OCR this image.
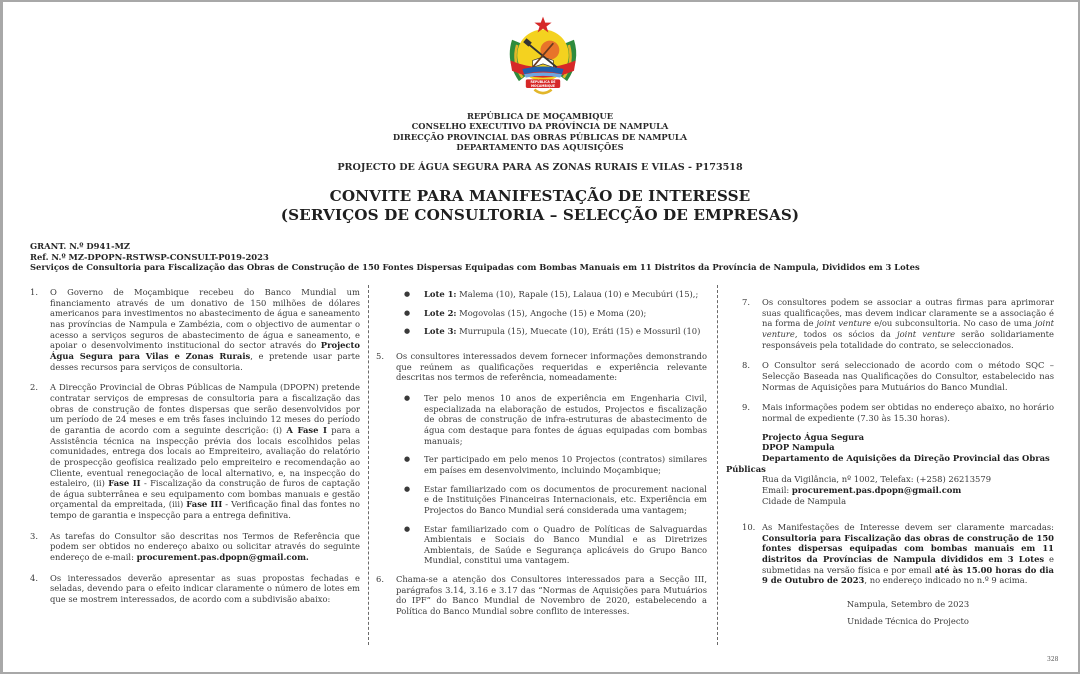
REPÚBLICA DE
MOÇAMBIQUE
REPÚBLICA DE MOÇAMBIQUE
CONSELHO EXECUTIVO DA PROVÍNCIA DE NAMPULA
DIRECÇÃO PROVINCIAL DAS OBRAS PÚBLICAS DE NAMPULA
DEPARTAMENTO DAS AQUISIÇÕES
PROJECTO DE ÁGUA SEGURA PARA AS ZONAS RURAIS E VILAS - P173518
CONVITE PARA MANIFESTAÇÃO DE INTERESSE
(SERVIÇOS DE CONSULTORIA – SELECÇÃO DE EMPRESAS)
GRANT. N.º D941-MZ
Ref. N.º MZ-DPOPN-RSTWSP-CONSULT-P019-2023
Serviços de Consultoria para Fiscalização das Obras de Construção de 150 Fontes Dispersas Equipadas com Bombas Manuais em 11 Distritos da Província de Nampula, Divididos em 3 Lotes
1.	O Governo de Moçambique recebeu do Banco Mundial um financiamento através de um donativo de 150 milhões de dólares americanos para investimentos no abastecimento de água e saneamento nas províncias de Nampula e Zambézia, com o objectivo de aumentar o acesso a serviços seguros de abastecimento de água e saneamento, e apoiar o desenvolvimento institucional do sector através do Projecto Água Segura para Vilas e Zonas Rurais, e pretende usar parte desses recursos para serviços de consultoria.
2.	A Direcção Provincial de Obras Públicas de Nampula (DPOPN) pretende contratar serviços de empresas de consultoria para a fiscalização das obras de construção de fontes dispersas que serão desenvolvidos por um período de 24 meses e em três fases incluindo 12 meses do período de garantia de acordo com a seguinte descrição: (i) A Fase I para a Assistência técnica na inspecção prévia dos locais escolhidos pelas comunidades, entrega dos locais ao Empreiteiro, avaliação do relatório de prospecção geofísica realizado pelo empreiteiro e recomendação ao Cliente, eventual renegociação de local alternativo, e, na inspecção do estaleiro, (ii) Fase II - Fiscalização da construção de furos de captação de água subterrânea e seu equipamento com bombas manuais e gestão orçamental da empreitada, (iii) Fase III - Verificação final das fontes no tempo de garantia e inspecção para a entrega definitiva.
3.	As tarefas do Consultor são descritas nos Termos de Referência que podem ser obtidos no endereço abaixo ou solicitar através do seguinte endereço de e-mail: procurement.pas.dpopn@gmail.com.
4.	Os interessados deverão apresentar as suas propostas fechadas e seladas, devendo para o efeito indicar claramente o número de lotes em que se mostrem interessados, de acordo com a subdivisão abaixo:
●	Lote 1: Malema (10), Rapale (15), Lalaua (10) e Mecubúri (15),;
●	Lote 2: Mogovolas (15), Angoche (15) e Moma (20);
●	Lote 3: Murrupula (15), Muecate (10), Eráti (15) e Mossuril (10)
5.	Os consultores interessados devem fornecer informações demonstrando que reúnem as qualificações requeridas e experiência relevante descritas nos termos de referência, nomeadamente:
●	Ter pelo menos 10 anos de experiência em Engenharia Civil, especializada na elaboração de estudos, Projectos e fiscalização de obras de construção de infra-estruturas de abastecimento de água com destaque para fontes de águas equipadas com bombas manuais;
●	Ter participado em pelo menos 10 Projectos (contratos) similares em países em desenvolvimento, incluindo Moçambique;
●	Estar familiarizado com os documentos de procurement nacional e de Instituições Financeiras Internacionais, etc. Experiência em Projectos do Banco Mundial será considerada uma vantagem;
●	Estar familiarizado com o Quadro de Políticas de Salvaguardas Ambientais e Sociais do Banco Mundial e as Diretrizes Ambientais, de Saúde e Segurança aplicáveis do Grupo Banco Mundial, constitui uma vantagem.
6.	Chama-se a atenção dos Consultores interessados para a Secção III, parágrafos 3.14, 3.16 e 3.17 das “Normas de Aquisições para Mutuários do IPF” do Banco Mundial de Novembro de 2020, estabelecendo a Política do Banco Mundial sobre conflito de interesses.
7.	Os consultores podem se associar a outras firmas para aprimorar suas qualificações, mas devem indicar claramente se a associação é na forma de joint venture e/ou subconsultoria. No caso de uma joint venture, todos os sócios da joint venture serão solidariamente responsáveis pela totalidade do contrato, se seleccionados.
8.	O Consultor será seleccionado de acordo com o método SQC – Selecção Baseada nas Qualificações do Consultor, estabelecido nas Normas de Aquisições para Mutuários do Banco Mundial.
9.	Mais informações podem ser obtidas no endereço abaixo, no horário normal de expediente (7.30 às 15.30 horas).
Projecto Água Segura
DPOP Nampula
Departamento de Aquisições da Direção Provincial das Obras
Públicas
Rua da Vigilância, nº 1002, Telefax: (+258) 26213579
Email: procurement.pas.dpopn@gmail.com
Cidade de Nampula
10. As Manifestações de Interesse devem ser claramente marcadas: Consultoria para Fiscalização das obras de construção de 150 fontes dispersas equipadas com bombas manuais em 11 distritos da Províncias de Nampula divididos em 3 Lotes e submetidas na versão física e por email até às 15.00 horas do dia 9 de Outubro de 2023, no endereço indicado no n.º 9 acima.
Nampula, Setembro de 2023
Unidade Técnica do Projecto
328
